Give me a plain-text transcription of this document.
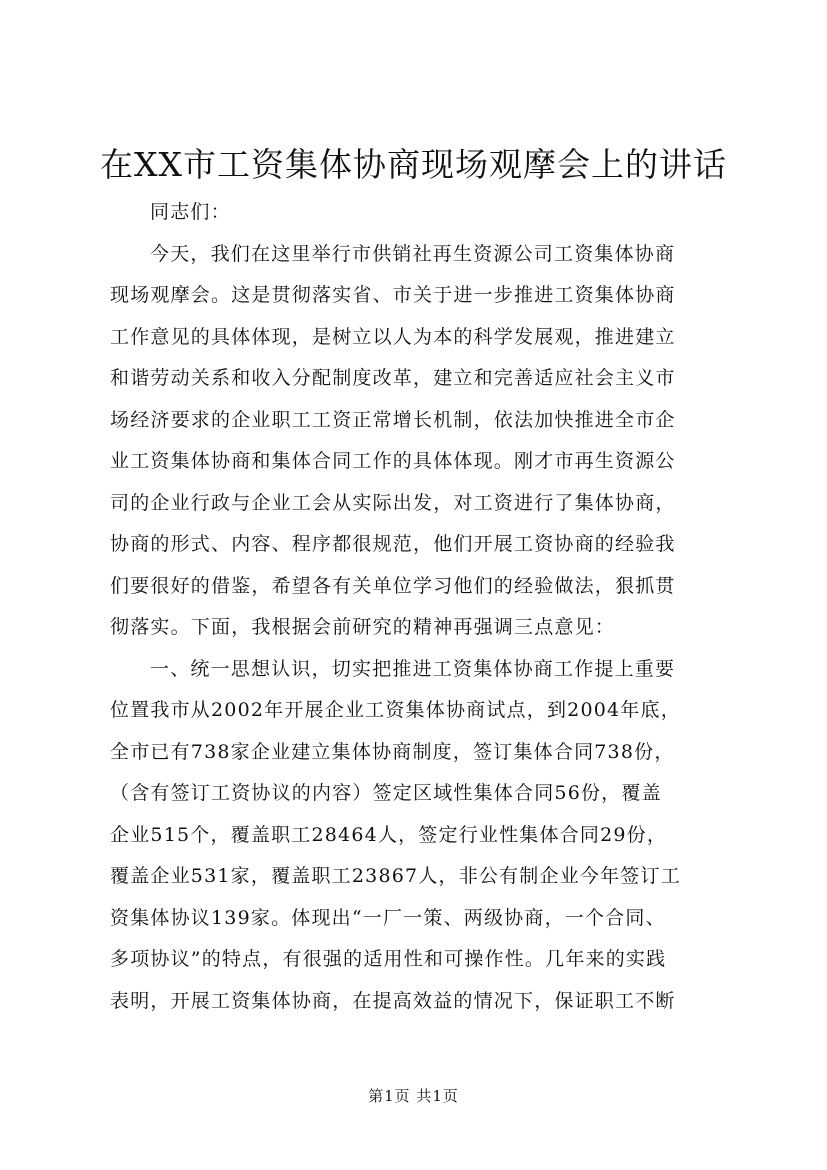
在XX市工资集体协商现场观摩会上的讲话
同志们：
今天，我们在这里举行市供销社再生资源公司工资集体协商
现场观摩会。这是贯彻落实省、市关于进一步推进工资集体协商
工作意见的具体体现，是树立以人为本的科学发展观，推进建立
和谐劳动关系和收入分配制度改革，建立和完善适应社会主义市
场经济要求的企业职工工资正常增长机制，依法加快推进全市企
业工资集体协商和集体合同工作的具体体现。刚才市再生资源公
司的企业行政与企业工会从实际出发，对工资进行了集体协商，
协商的形式、内容、程序都很规范，他们开展工资协商的经验我
们要很好的借鉴，希望各有关单位学习他们的经验做法，狠抓贯
彻落实。下面，我根据会前研究的精神再强调三点意见：
一、统一思想认识，切实把推进工资集体协商工作提上重要
位置我市从2002年开展企业工资集体协商试点，到2004年底，
全市已有738家企业建立集体协商制度，签订集体合同738份，
（含有签订工资协议的内容）签定区域性集体合同56份，覆盖
企业515个，覆盖职工28464人，签定行业性集体合同29份，
覆盖企业531家，覆盖职工23867人，非公有制企业今年签订工
资集体协议139家。体现出“一厂一策、两级协商，一个合同、
多项协议”的特点，有很强的适用性和可操作性。几年来的实践
表明，开展工资集体协商，在提高效益的情况下，保证职工不断
第1页 共1页
